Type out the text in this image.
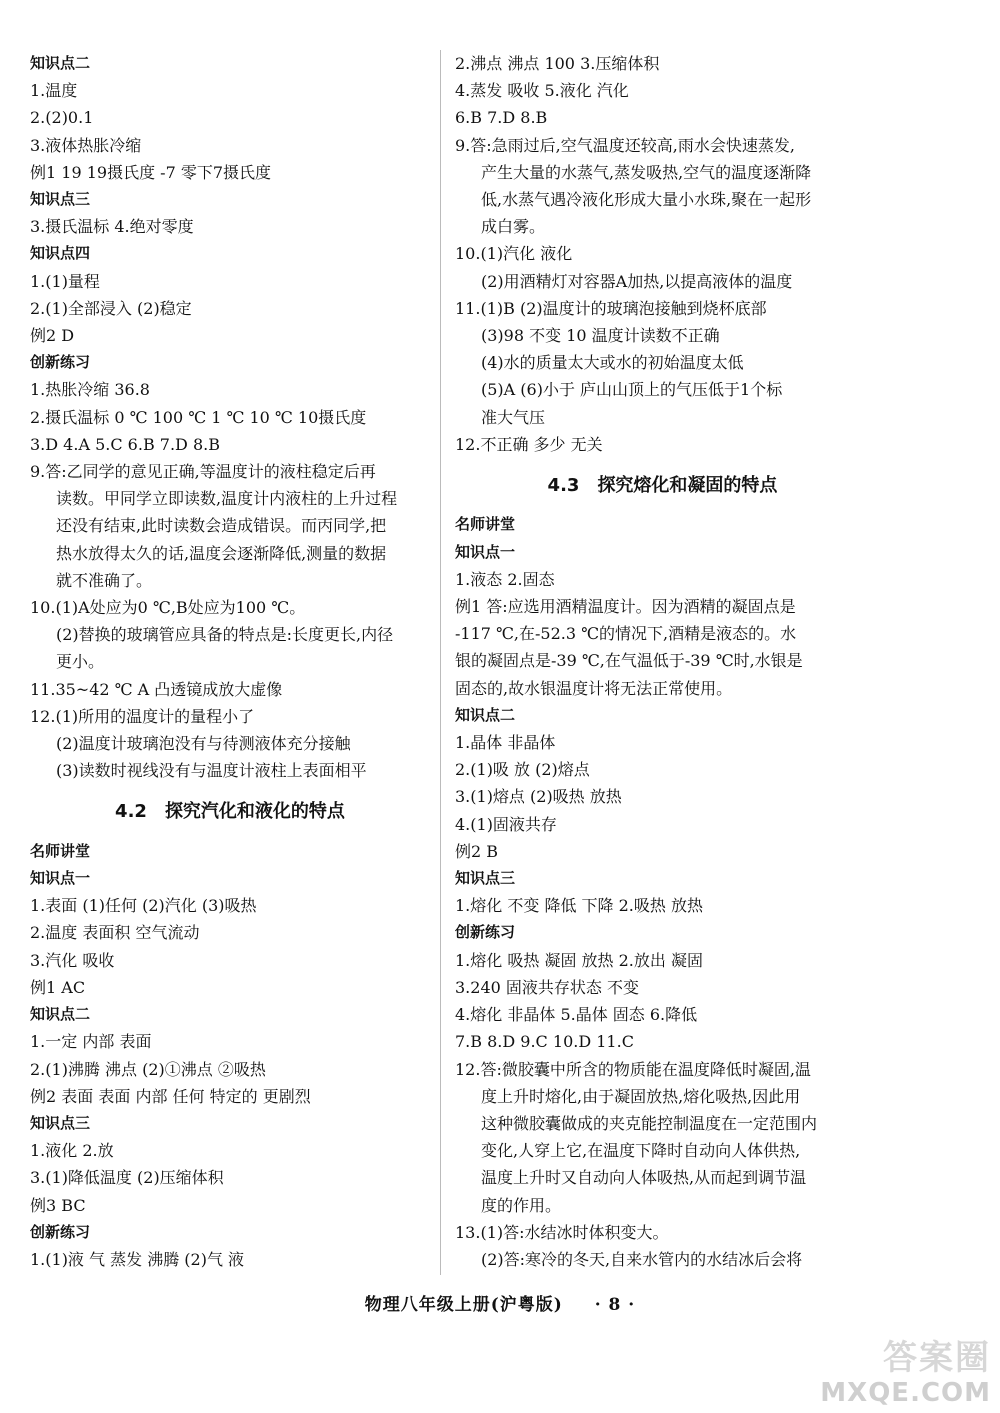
知识点二
1.温度
2.(2)0.1
3.液体热胀冷缩
例1 19 19摄氏度 -7 零下7摄氏度
知识点三
3.摄氏温标 4.绝对零度
知识点四
1.(1)量程
2.(1)全部浸入 (2)稳定
例2 D
创新练习
1.热胀冷缩 36.8
2.摄氏温标 0 ℃ 100 ℃ 1 ℃ 10 ℃ 10摄氏度
3.D 4.A 5.C 6.B 7.D 8.B
9.答:乙同学的意见正确,等温度计的液柱稳定后再
读数。甲同学立即读数,温度计内液柱的上升过程
还没有结束,此时读数会造成错误。而丙同学,把
热水放得太久的话,温度会逐渐降低,测量的数据
就不准确了。
10.(1)A处应为0 ℃,B处应为100 ℃。
(2)替换的玻璃管应具备的特点是:长度更长,内径
更小。
11.35~42 ℃ A 凸透镜成放大虚像
12.(1)所用的温度计的量程小了
(2)温度计玻璃泡没有与待测液体充分接触
(3)读数时视线没有与温度计液柱上表面相平
4.2 探究汽化和液化的特点
名师讲堂
知识点一
1.表面 (1)任何 (2)汽化 (3)吸热
2.温度 表面积 空气流动
3.汽化 吸收
例1 AC
知识点二
1.一定 内部 表面
2.(1)沸腾 沸点 (2)①沸点 ②吸热
例2 表面 表面 内部 任何 特定的 更剧烈
知识点三
1.液化 2.放
3.(1)降低温度 (2)压缩体积
例3 BC
创新练习
1.(1)液 气 蒸发 沸腾 (2)气 液
2.沸点 沸点 100 3.压缩体积
4.蒸发 吸收 5.液化 汽化
6.B 7.D 8.B
9.答:急雨过后,空气温度还较高,雨水会快速蒸发,
产生大量的水蒸气,蒸发吸热,空气的温度逐渐降
低,水蒸气遇冷液化形成大量小水珠,聚在一起形
成白雾。
10.(1)汽化 液化
(2)用酒精灯对容器A加热,以提高液体的温度
11.(1)B (2)温度计的玻璃泡接触到烧杯底部
(3)98 不变 10 温度计读数不正确
(4)水的质量太大或水的初始温度太低
(5)A (6)小于 庐山山顶上的气压低于1个标
准大气压
12.不正确 多少 无关
4.3 探究熔化和凝固的特点
名师讲堂
知识点一
1.液态 2.固态
例1 答:应选用酒精温度计。因为酒精的凝固点是
-117 ℃,在-52.3 ℃的情况下,酒精是液态的。水
银的凝固点是-39 ℃,在气温低于-39 ℃时,水银是
固态的,故水银温度计将无法正常使用。
知识点二
1.晶体 非晶体
2.(1)吸 放 (2)熔点
3.(1)熔点 (2)吸热 放热
4.(1)固液共存
例2 B
知识点三
1.熔化 不变 降低 下降 2.吸热 放热
创新练习
1.熔化 吸热 凝固 放热 2.放出 凝固
3.240 固液共存状态 不变
4.熔化 非晶体 5.晶体 固态 6.降低
7.B 8.D 9.C 10.D 11.C
12.答:微胶囊中所含的物质能在温度降低时凝固,温
度上升时熔化,由于凝固放热,熔化吸热,因此用
这种微胶囊做成的夹克能控制温度在一定范围内
变化,人穿上它,在温度下降时自动向人体供热,
温度上升时又自动向人体吸热,从而起到调节温
度的作用。
13.(1)答:水结冰时体积变大。
(2)答:寒冷的冬天,自来水管内的水结冰后会将
物理八年级上册(沪粤版) · 8 ·
答案圈
MXQE.COM
